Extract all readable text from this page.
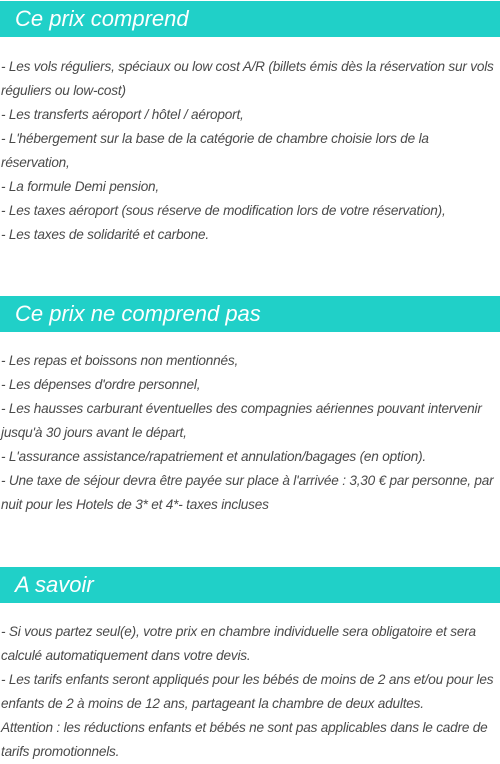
Ce prix comprend
- Les vols réguliers, spéciaux ou low cost A/R (billets émis dès la réservation sur vols réguliers ou low-cost)
- Les transferts aéroport / hôtel / aéroport,
- L'hébergement sur la base de la catégorie de chambre choisie lors de la réservation,
- La formule Demi pension,
- Les taxes aéroport (sous réserve de modification lors de votre réservation),
- Les taxes de solidarité et carbone.
Ce prix ne comprend pas
- Les repas et boissons non mentionnés,
- Les dépenses d'ordre personnel,
- Les hausses carburant éventuelles des compagnies aériennes pouvant intervenir jusqu'à 30 jours avant le départ,
- L'assurance assistance/rapatriement et annulation/bagages (en option).
- Une taxe de séjour devra être payée sur place à l'arrivée : 3,30 € par personne, par nuit pour les Hotels de 3* et 4*- taxes incluses
A savoir
- Si vous partez seul(e), votre prix en chambre individuelle sera obligatoire et sera calculé automatiquement dans votre devis.
- Les tarifs enfants seront appliqués pour les bébés de moins de 2 ans et/ou pour les enfants de 2 à moins de 12 ans, partageant la chambre de deux adultes.
Attention : les réductions enfants et bébés ne sont pas applicables dans le cadre de tarifs promotionnels.
